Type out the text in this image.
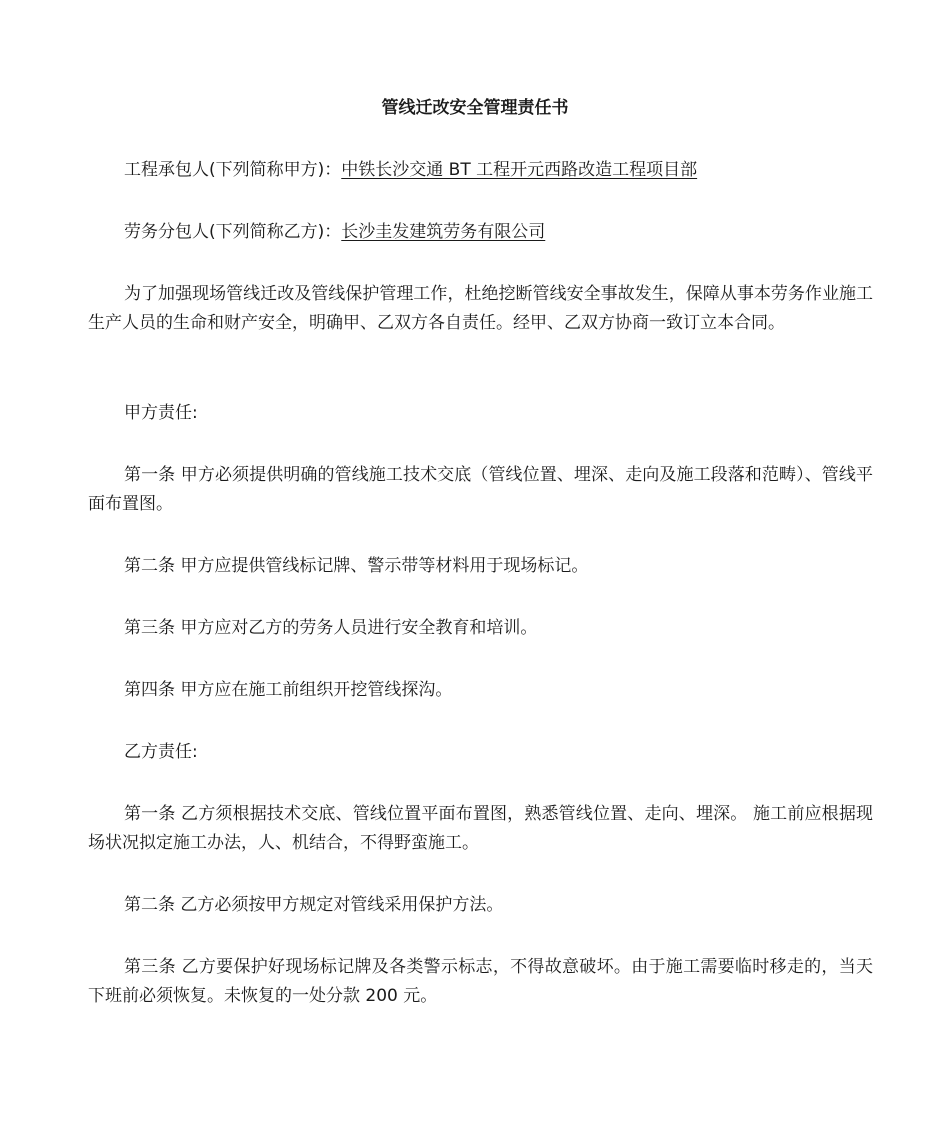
管线迁改安全管理责任书

工程承包人(下列简称甲方)：中铁长沙交通 BT 工程开元西路改造工程项目部

劳务分包人(下列简称乙方)：长沙圭发建筑劳务有限公司

为了加强现场管线迁改及管线保护管理工作，杜绝挖断管线安全事故发生，保障从事本劳务作业施工生产人员的生命和财产安全，明确甲、乙双方各自责任。经甲、乙双方协商一致订立本合同。

甲方责任:

第一条 甲方必须提供明确的管线施工技术交底（管线位置、埋深、走向及施工段落和范畴）、管线平面布置图。

第二条 甲方应提供管线标记牌、警示带等材料用于现场标记。

第三条 甲方应对乙方的劳务人员进行安全教育和培训。

第四条 甲方应在施工前组织开挖管线探沟。

乙方责任:

第一条 乙方须根据技术交底、管线位置平面布置图，熟悉管线位置、走向、埋深。 施工前应根据现场状况拟定施工办法，人、机结合，不得野蛮施工。

第二条 乙方必须按甲方规定对管线采用保护方法。

第三条 乙方要保护好现场标记牌及各类警示标志，不得故意破坏。由于施工需要临时移走的，当天下班前必须恢复。未恢复的一处分款 200 元。
